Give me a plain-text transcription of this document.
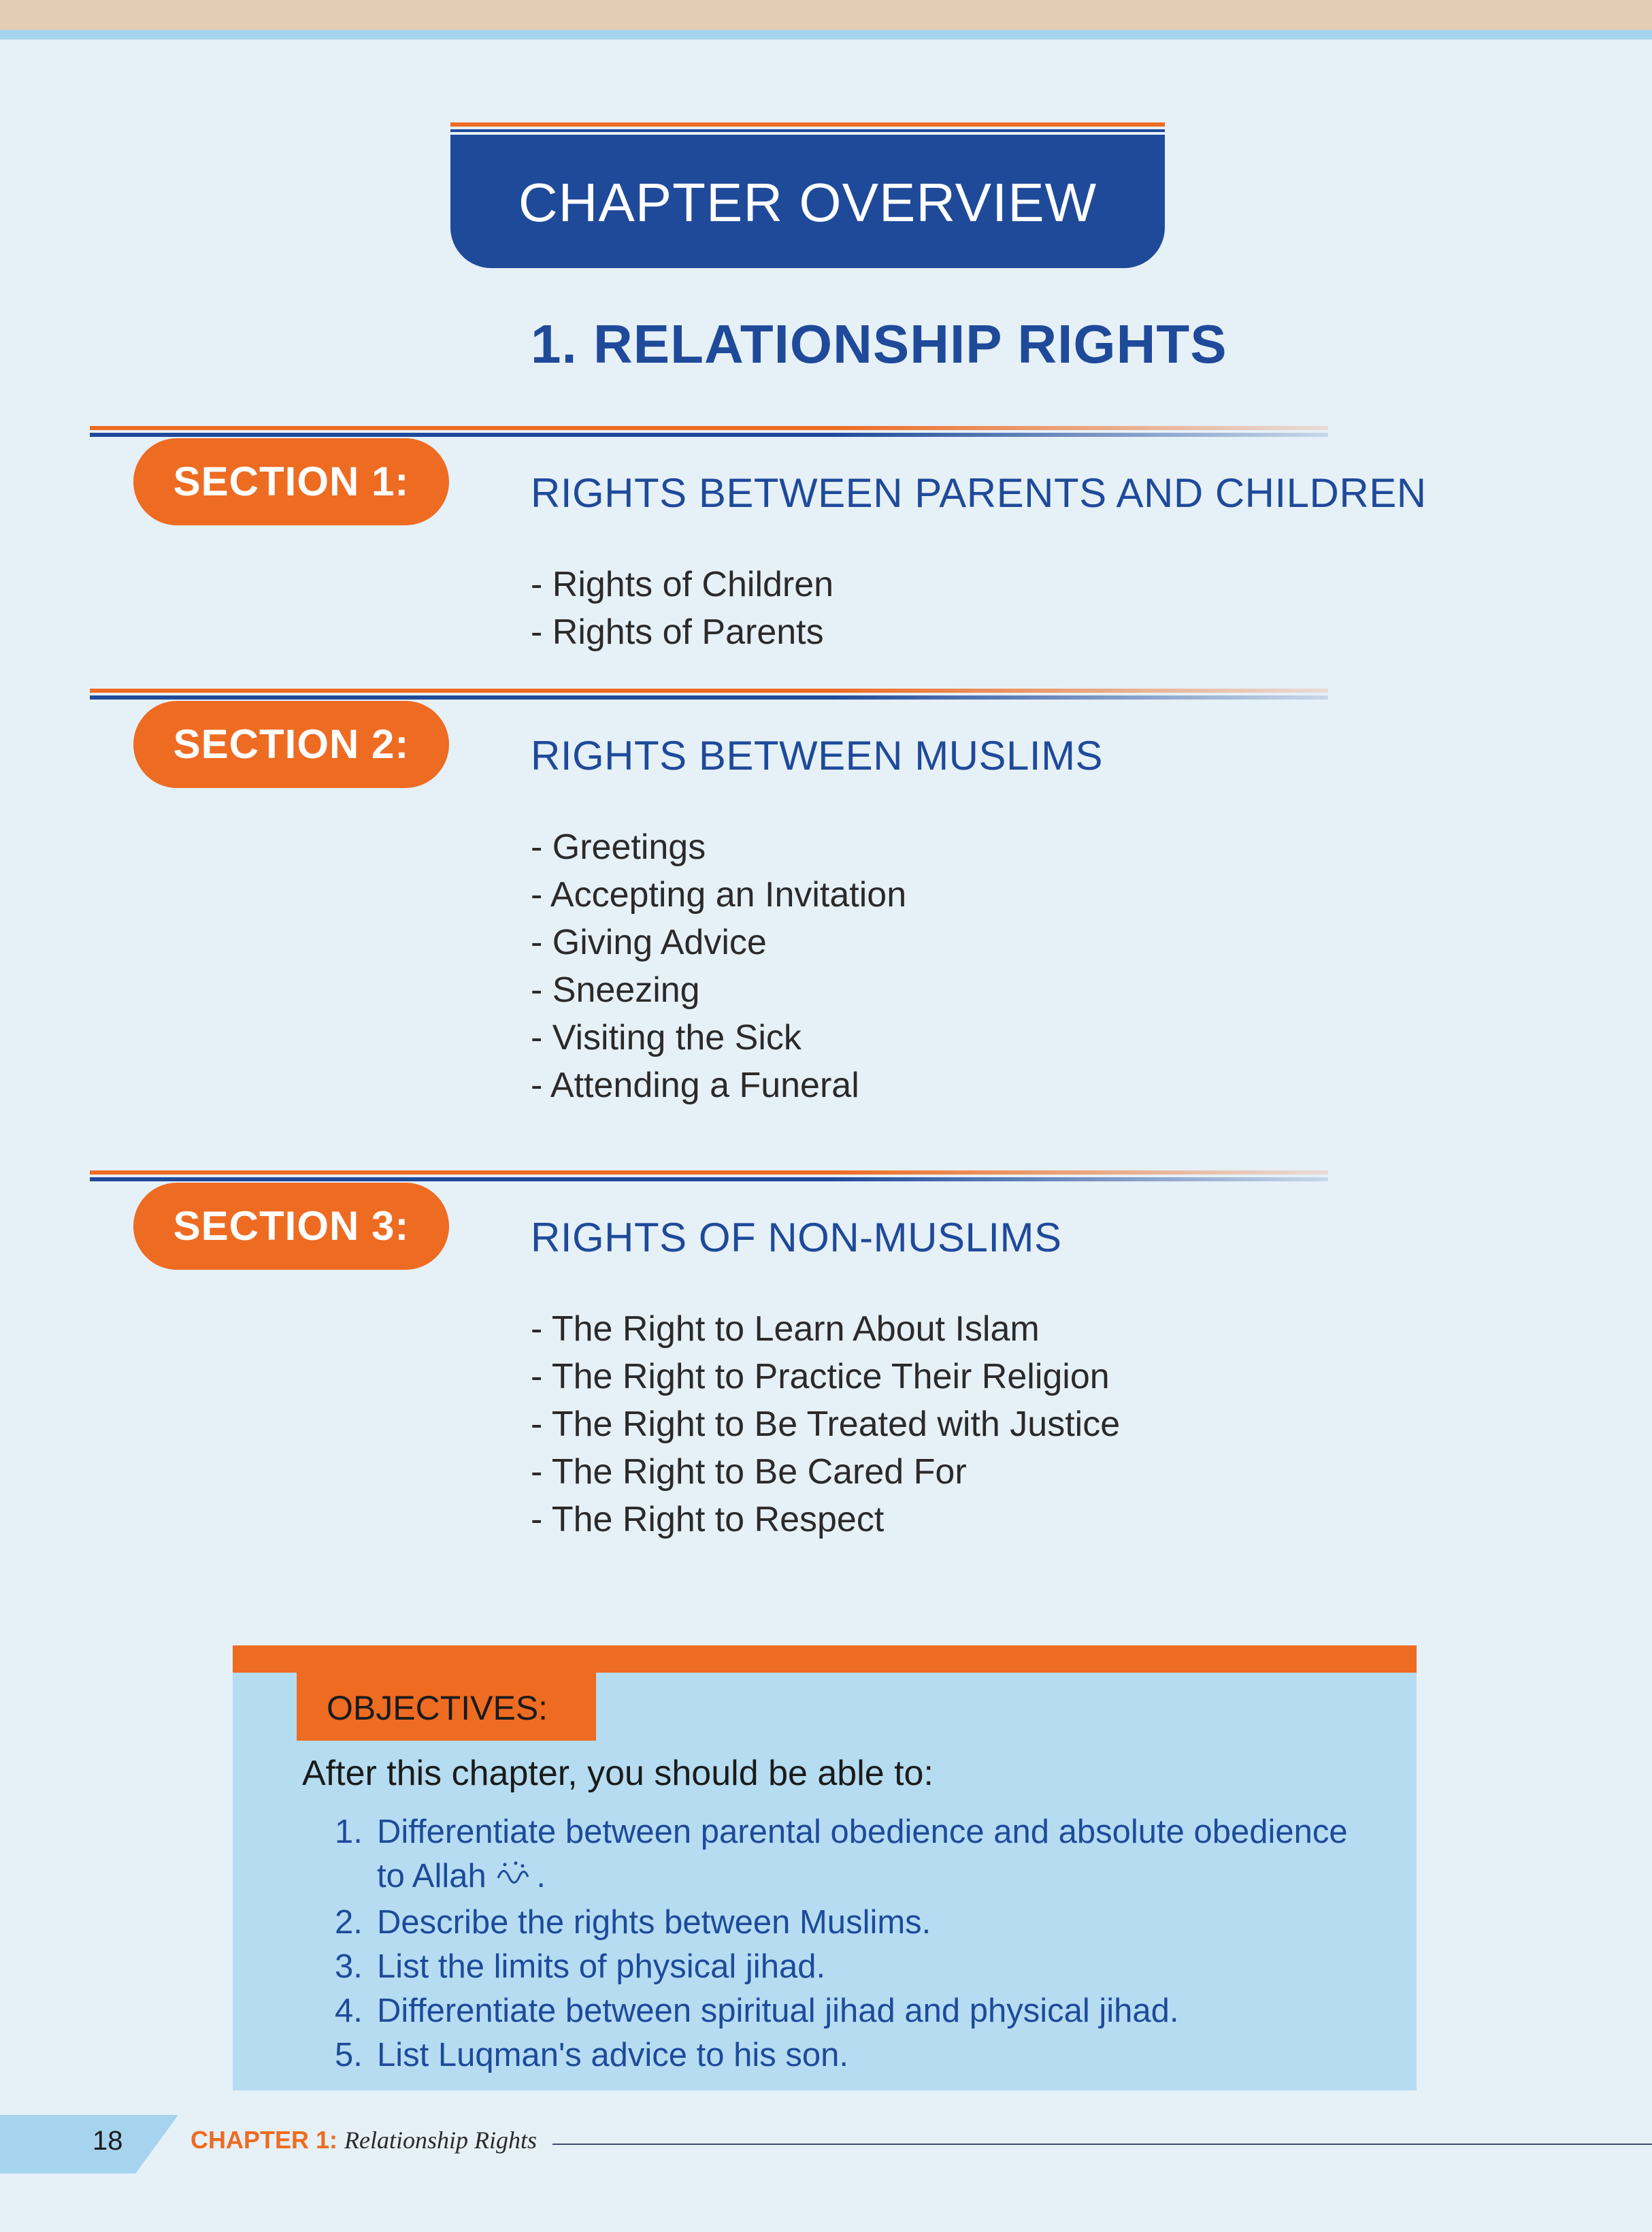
CHAPTER OVERVIEW
1. RELATIONSHIP RIGHTS
SECTION 1:	RIGHTS BETWEEN PARENTS AND CHILDREN
- Rights of Children
- Rights of Parents
SECTION 2:	RIGHTS BETWEEN MUSLIMS
- Greetings
- Accepting an Invitation
- Giving Advice
- Sneezing
- Visiting the Sick
- Attending a Funeral
SECTION 3:	RIGHTS OF NON-MUSLIMS
- The Right to Learn About Islam
- The Right to Practice Their Religion
- The Right to Be Treated with Justice
- The Right to Be Cared For
- The Right to Respect
OBJECTIVES:
After this chapter, you should be able to:
1. Differentiate between parental obedience and absolute obedience to Allah .
2. Describe the rights between Muslims.
3. List the limits of physical jihad.
4. Differentiate between spiritual jihad and physical jihad.
5. List Luqman's advice to his son.
18	CHAPTER 1: Relationship Rights
